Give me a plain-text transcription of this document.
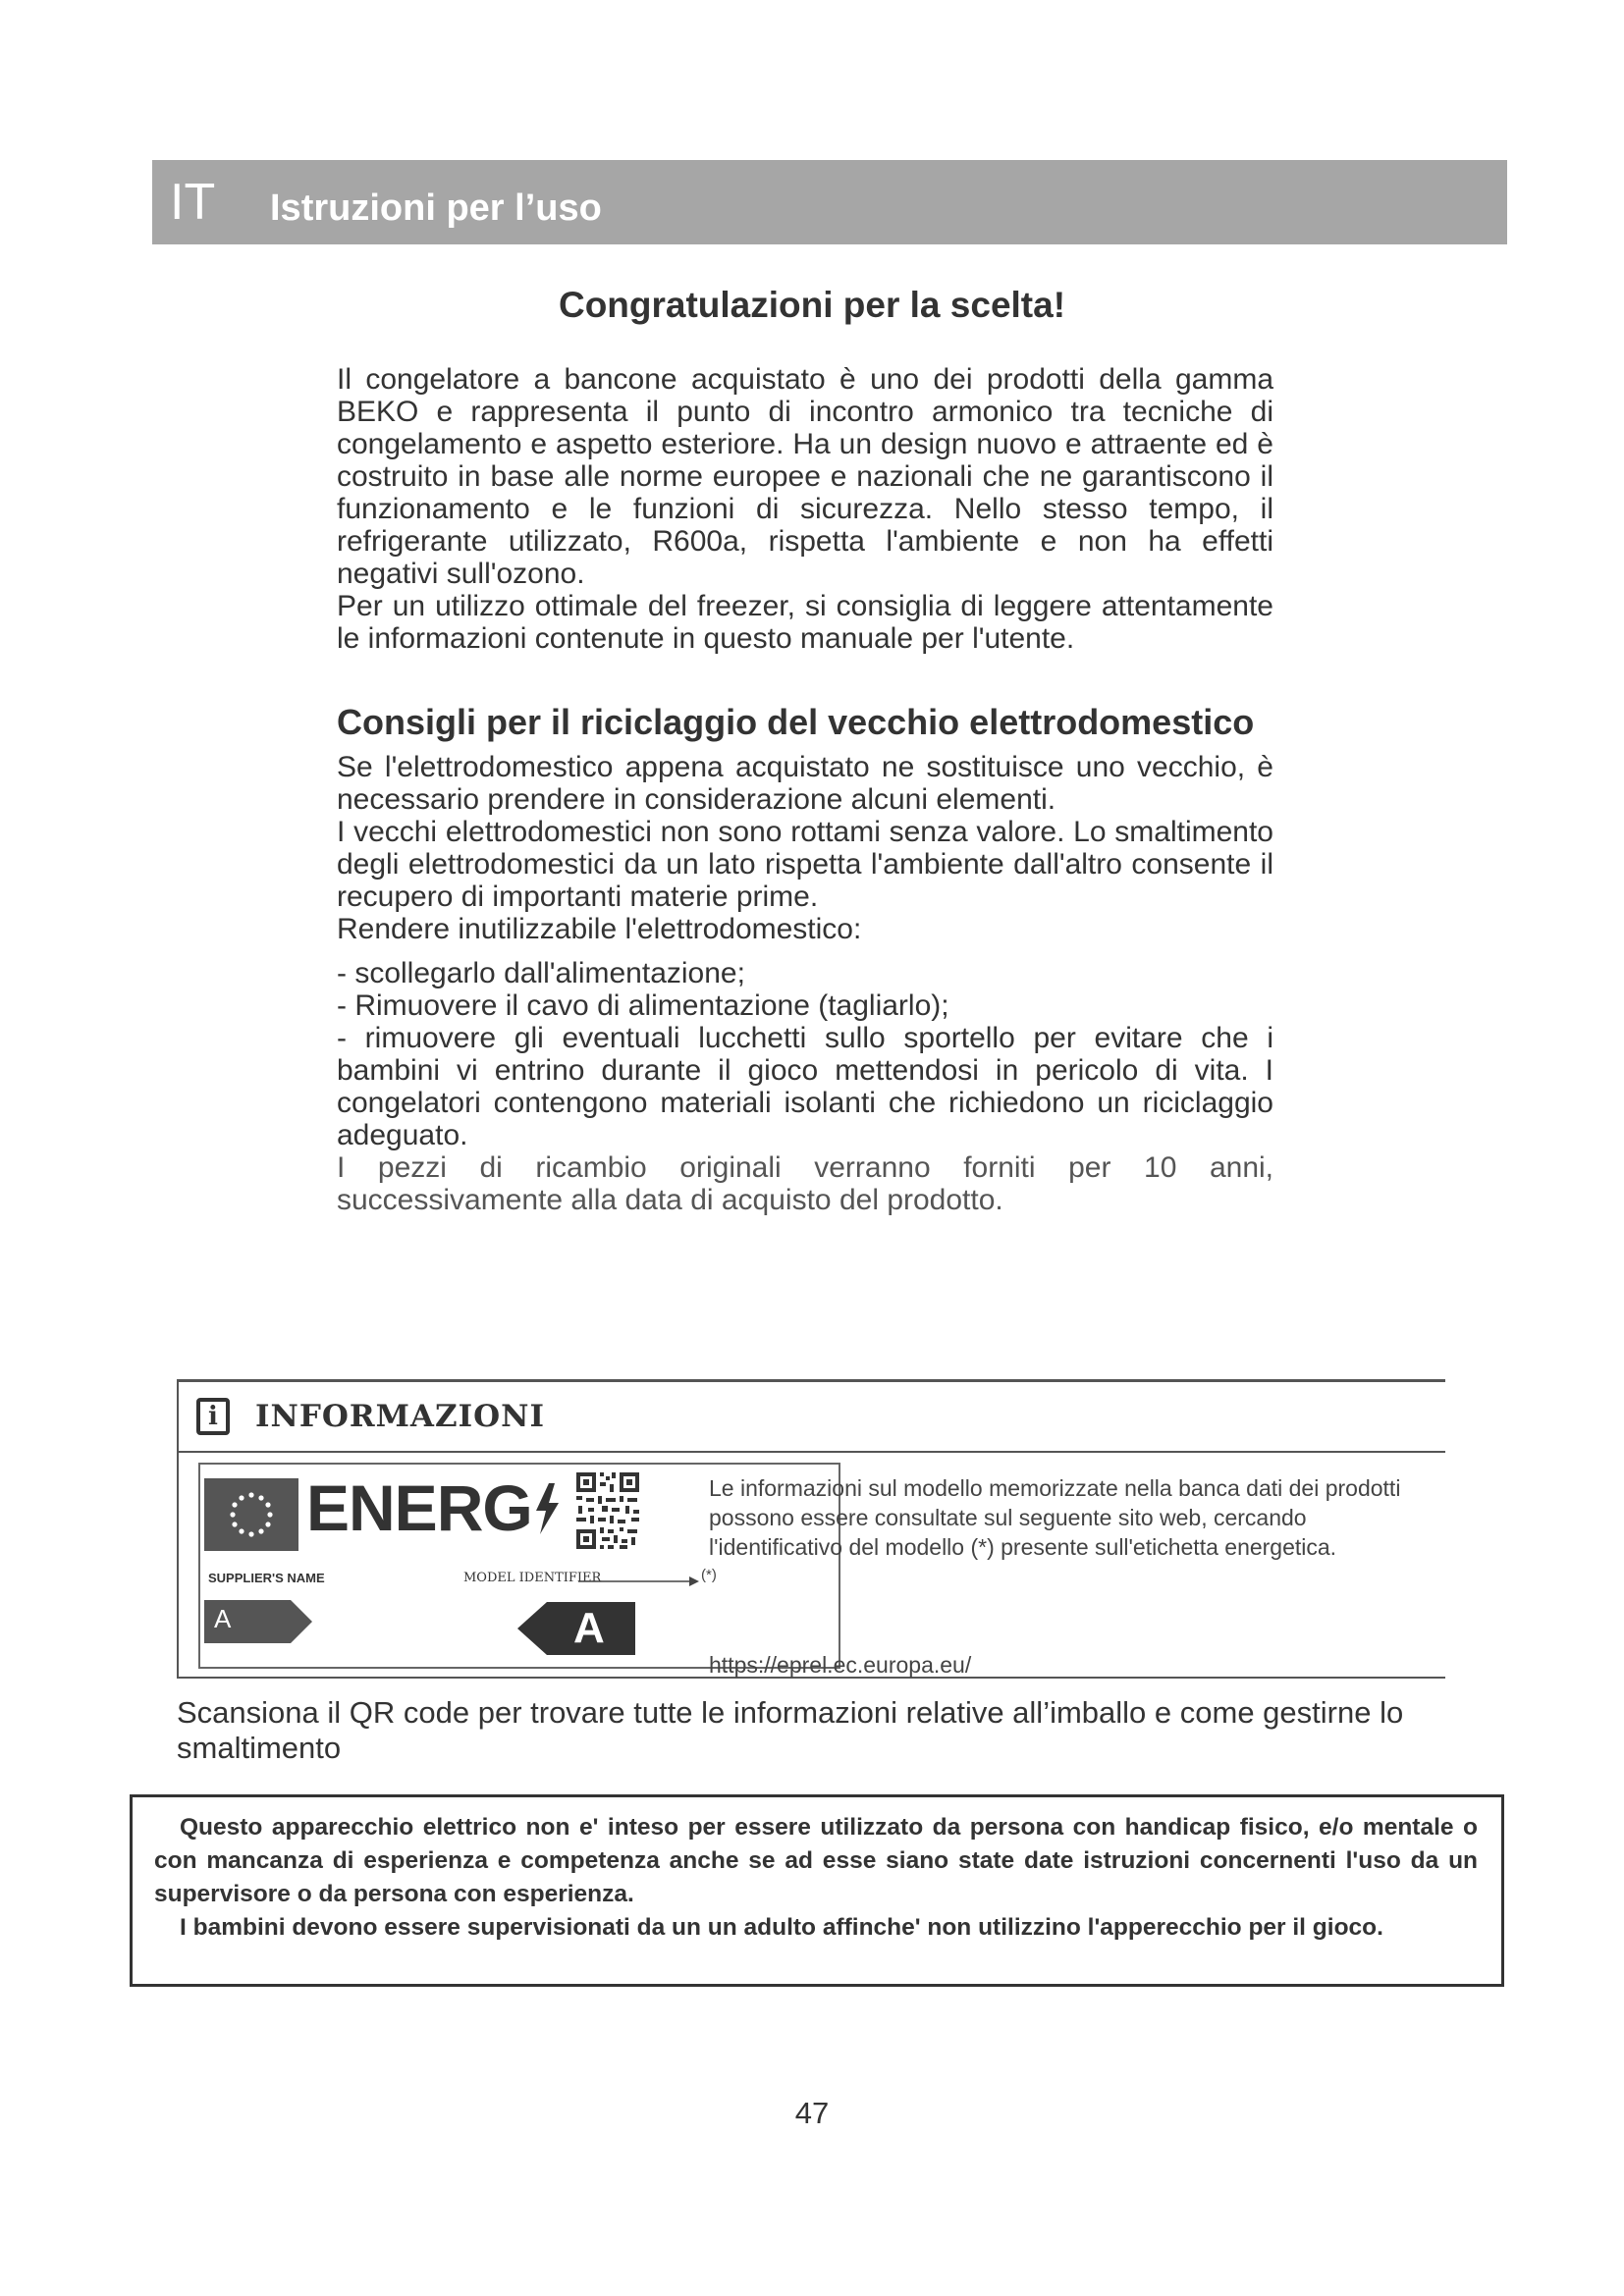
IT	Istruzioni per l’uso
Congratulazioni per la scelta!

Il congelatore a bancone acquistato è uno dei prodotti della gamma BEKO e rappresenta il punto di incontro armonico tra tecniche di congelamento e aspetto esteriore. Ha un design nuovo e attraente ed è costruito in base alle norme europee e nazionali che ne garantiscono il funzionamento e le funzioni di sicurezza. Nello stesso tempo, il refrigerante utilizzato, R600a, rispetta l'ambiente e non ha effetti negativi sull'ozono.

Per un utilizzo ottimale del freezer, si consiglia di leggere attentamente le informazioni contenute in questo manuale per l'utente.

Consigli per il riciclaggio del vecchio elettrodomestico

Se l'elettrodomestico appena acquistato ne sostituisce uno vecchio, è necessario prendere in considerazione alcuni elementi.

I vecchi elettrodomestici non sono rottami senza valore. Lo smaltimento degli elettrodomestici da un lato rispetta l'ambiente dall'altro consente il recupero di importanti materie prime.

Rendere inutilizzabile l'elettrodomestico:

- scollegarlo dall'alimentazione;
- Rimuovere il cavo di alimentazione (tagliarlo);
- rimuovere gli eventuali lucchetti sullo sportello per evitare che i bambini vi entrino durante il gioco mettendosi in pericolo di vita. I congelatori contengono materiali isolanti che richiedono un riciclaggio adeguato.

I pezzi di ricambio originali verranno forniti per 10 anni, successivamente alla data di acquisto del prodotto.

i INFORMAZIONI
ENERG
SUPPLIER'S NAME	MODEL IDENTIFIER	(*)
A	A
Le informazioni sul modello memorizzate nella banca dati dei prodotti possono essere consultate sul seguente sito web, cercando l'identificativo del modello (*) presente sull'etichetta energetica.
https://eprel.ec.europa.eu/
Scansiona il QR code per trovare tutte le informazioni relative all’imballo e come gestirne lo smaltimento

Questo apparecchio elettrico non e' inteso per essere utilizzato da persona con handicap fisico, e/o mentale o con mancanza di esperienza e competenza anche se ad esse siano state date istruzioni concernenti l'uso da un supervisore o da persona con esperienza.

I bambini devono essere supervisionati da un un adulto affinche' non utilizzino l'apperecchio per il gioco.

47
